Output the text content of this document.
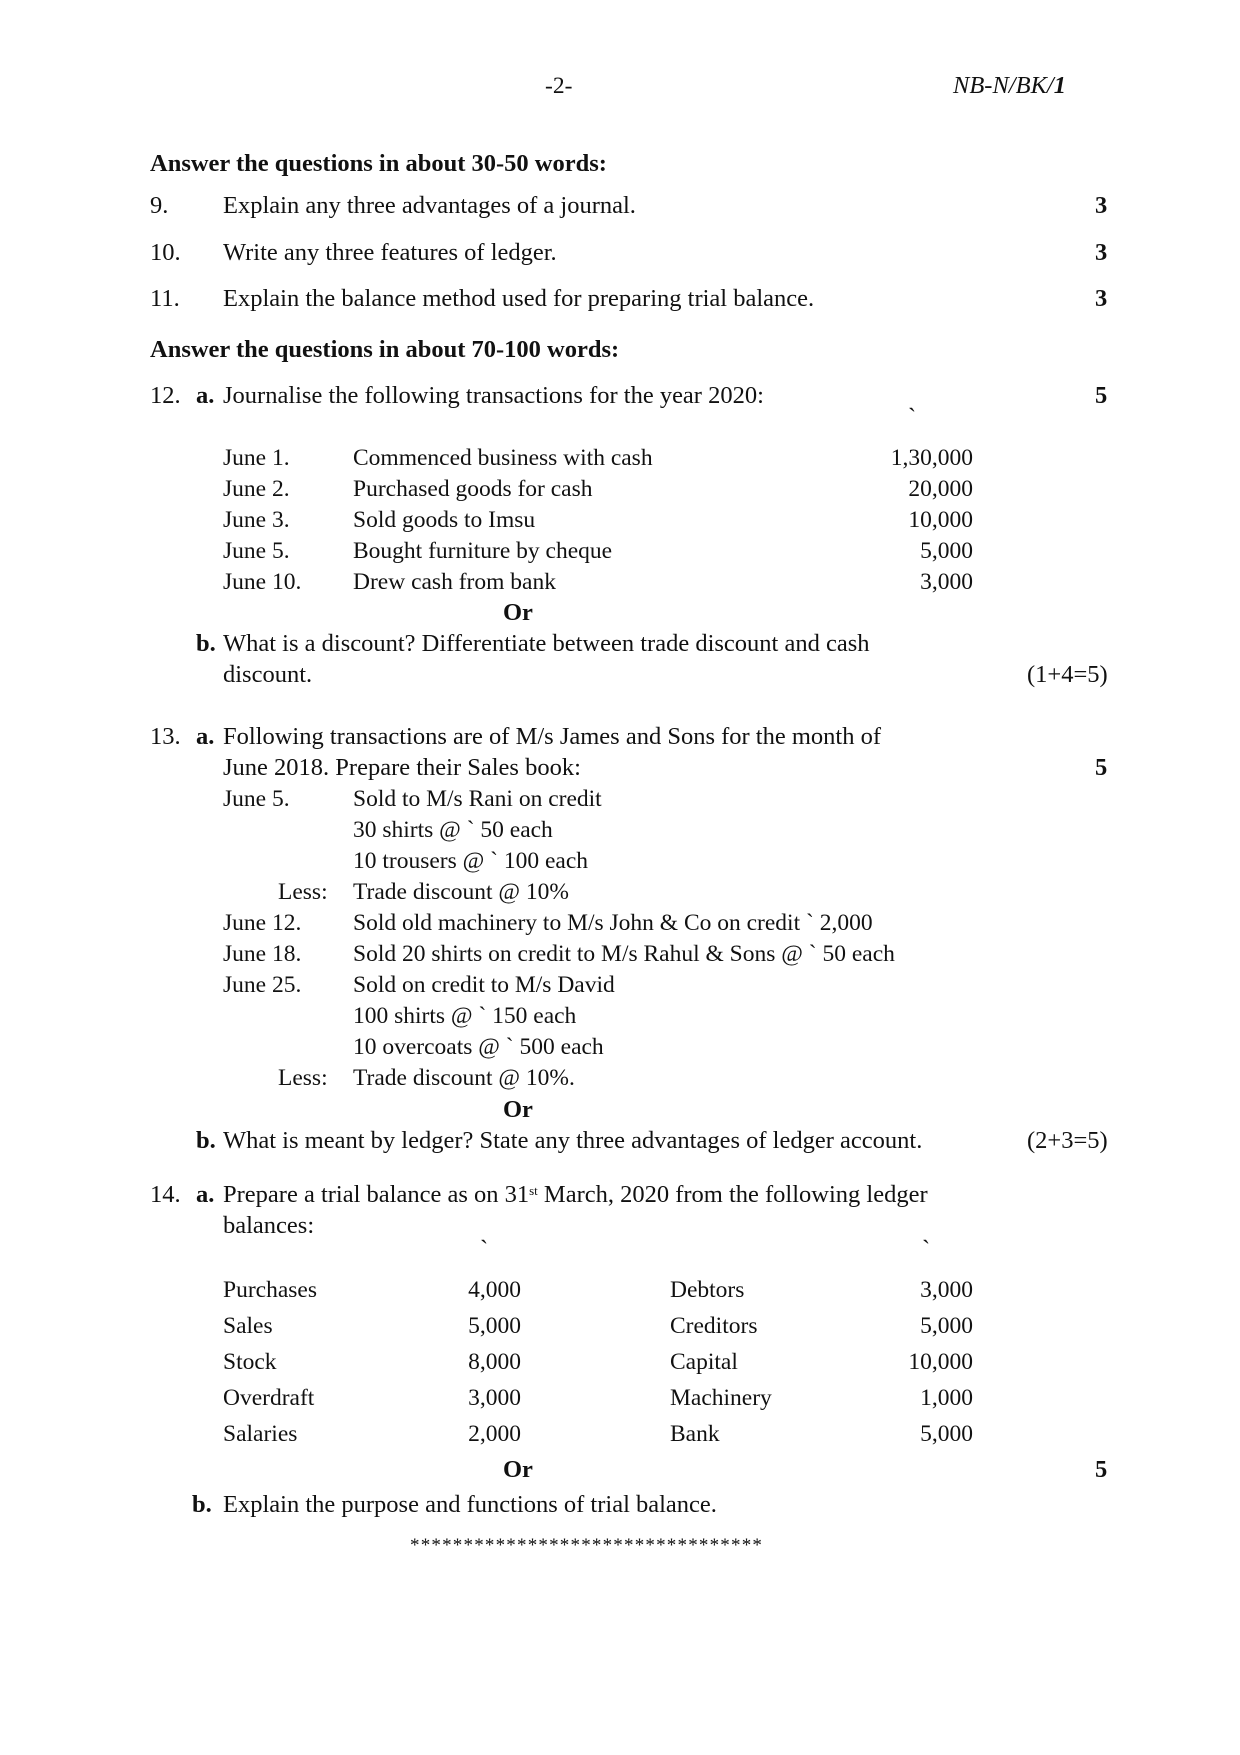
-2-	NB-N/BK/1
Answer the questions in about 30-50 words:
9. Explain any three advantages of a journal.	3
10. Write any three features of ledger.	3
11. Explain the balance method used for preparing trial balance.	3
Answer the questions in about 70-100 words:
12. a. Journalise the following transactions for the year 2020:	5
`
June 1.	Commenced business with cash	1,30,000
June 2.	Purchased goods for cash	20,000
June 3.	Sold goods to Imsu	10,000
June 5.	Bought furniture by cheque	5,000
June 10. Drew cash from bank	3,000
Or
b. What is a discount? Differentiate between trade discount and cash
discount.	(1+4=5)
13. a. Following transactions are of M/s James and Sons for the month of
June 2018. Prepare their Sales book:	5
June 5.	Sold to M/s Rani on credit
30 shirts @ ` 50 each
10 trousers @ ` 100 each
Less: Trade discount @ 10%
June 12. Sold old machinery to M/s John & Co on credit ` 2,000
June 18. Sold 20 shirts on credit to M/s Rahul & Sons @ ` 50 each
June 25. Sold on credit to M/s David
100 shirts @ ` 150 each
10 overcoats @ ` 500 each
Less: Trade discount @ 10%.
Or
b. What is meant by ledger? State any three advantages of ledger account.	(2+3=5)
14. a. Prepare a trial balance as on 31st March, 2020 from the following ledger
balances:
`	`
Purchases	4,000	Debtors	3,000
Sales	5,000	Creditors	5,000
Stock	8,000	Capital	10,000
Overdraft	3,000	Machinery	1,000
Salaries	2,000	Bank	5,000
Or	5
b. Explain the purpose and functions of trial balance.
*********************************
